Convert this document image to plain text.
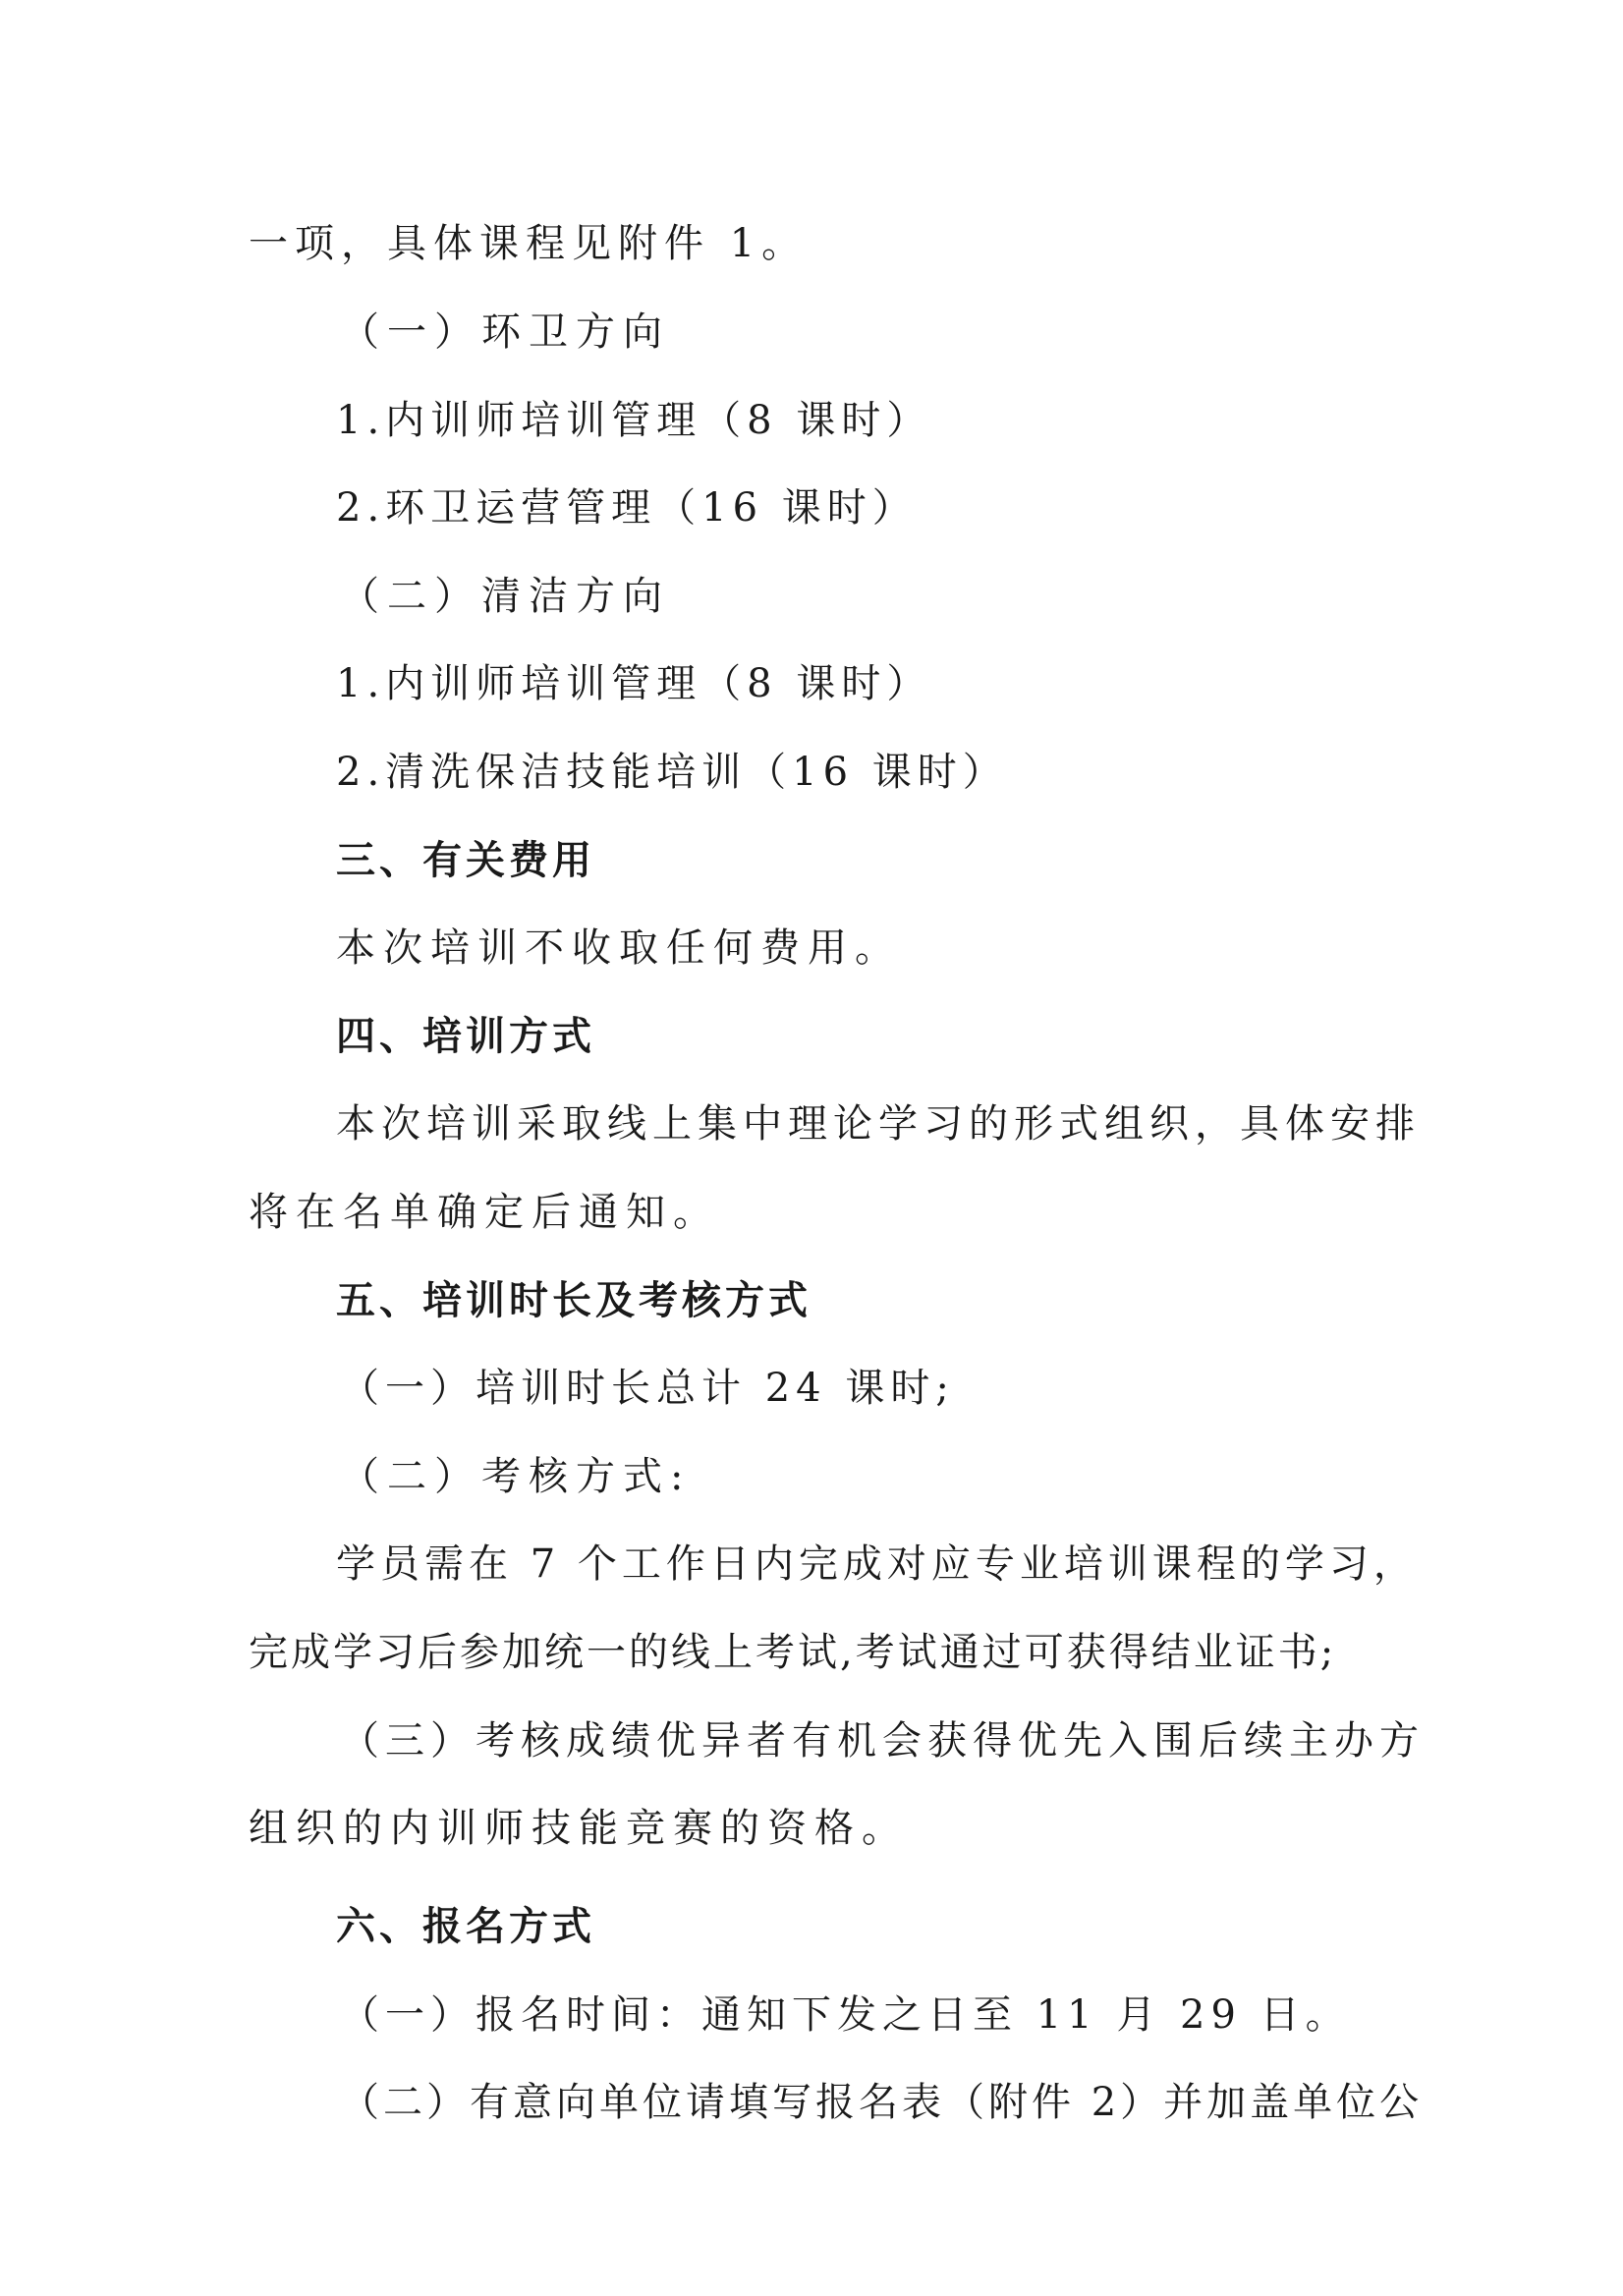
一项，具体课程见附件 1。
（一）环卫方向
1.内训师培训管理（8 课时）
2.环卫运营管理（16 课时）
（二）清洁方向
1.内训师培训管理（8 课时）
2.清洗保洁技能培训（16 课时）
三、有关费用
本次培训不收取任何费用。
四、培训方式
本次培训采取线上集中理论学习的形式组织，具体安排
将在名单确定后通知。
五、培训时长及考核方式
（一）培训时长总计 24 课时;
（二）考核方式:
学员需在 7 个工作日内完成对应专业培训课程的学习，
完成学习后参加统一的线上考试,考试通过可获得结业证书;
（三）考核成绩优异者有机会获得优先入围后续主办方
组织的内训师技能竞赛的资格。
六、报名方式
（一）报名时间：通知下发之日至 11 月 29 日。
（二）有意向单位请填写报名表（附件 2）并加盖单位公
